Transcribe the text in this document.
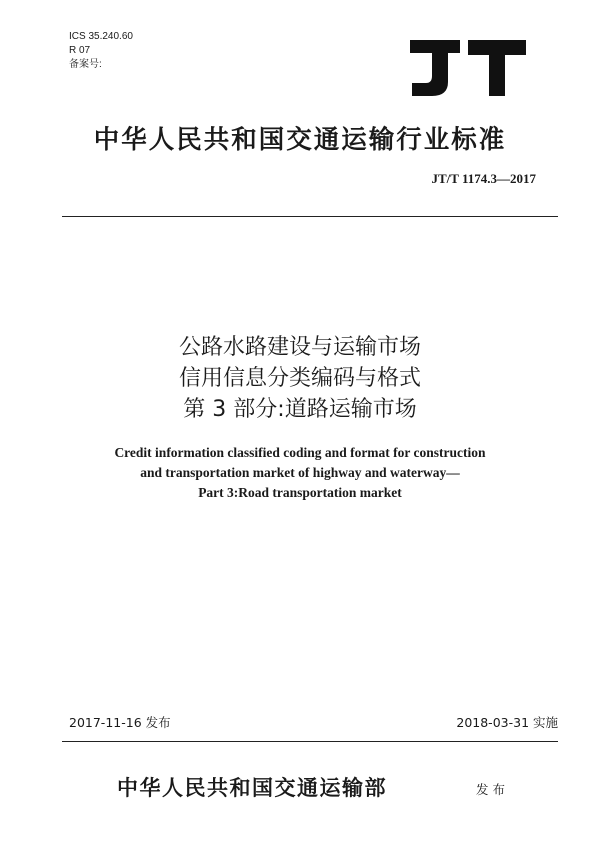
ICS 35.240.60
R 07
备案号:
中华人民共和国交通运输行业标准
JT/T 1174.3—2017
公路水路建设与运输市场
信用信息分类编码与格式
第 3 部分:道路运输市场
Credit information classified coding and format for construction
and transportation market of highway and waterway—
Part 3:Road transportation market
2017-11-16 发布	2018-03-31 实施
中华人民共和国交通运输部	发布
